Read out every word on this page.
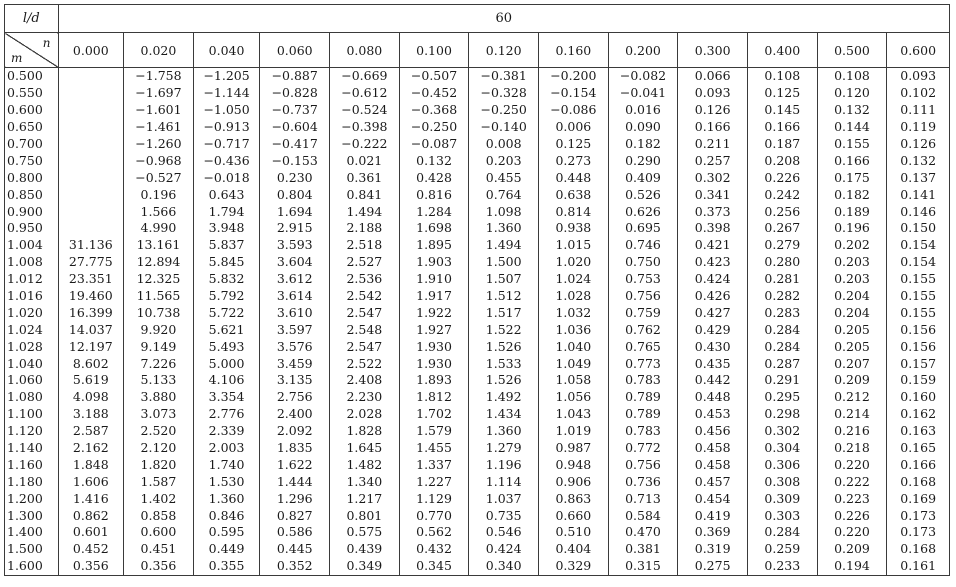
l/d	60												

n
m	0.000	0.020	0.040	0.060	0.080	0.100	0.120	0.160	0.200	0.300	0.400	0.500	0.600
0.500		−1.758	−1.205	−0.887	−0.669	−0.507	−0.381	−0.200	−0.082	0.066	0.108	0.108	0.093
0.550		−1.697	−1.144	−0.828	−0.612	−0.452	−0.328	−0.154	−0.041	0.093	0.125	0.120	0.102
0.600		−1.601	−1.050	−0.737	−0.524	−0.368	−0.250	−0.086	0.016	0.126	0.145	0.132	0.111
0.650		−1.461	−0.913	−0.604	−0.398	−0.250	−0.140	0.006	0.090	0.166	0.166	0.144	0.119
0.700		−1.260	−0.717	−0.417	−0.222	−0.087	0.008	0.125	0.182	0.211	0.187	0.155	0.126
0.750		−0.968	−0.436	−0.153	0.021	0.132	0.203	0.273	0.290	0.257	0.208	0.166	0.132
0.800		−0.527	−0.018	0.230	0.361	0.428	0.455	0.448	0.409	0.302	0.226	0.175	0.137
0.850		0.196	0.643	0.804	0.841	0.816	0.764	0.638	0.526	0.341	0.242	0.182	0.141
0.900		1.566	1.794	1.694	1.494	1.284	1.098	0.814	0.626	0.373	0.256	0.189	0.146
0.950		4.990	3.948	2.915	2.188	1.698	1.360	0.938	0.695	0.398	0.267	0.196	0.150
1.004	31.136	13.161	5.837	3.593	2.518	1.895	1.494	1.015	0.746	0.421	0.279	0.202	0.154
1.008	27.775	12.894	5.845	3.604	2.527	1.903	1.500	1.020	0.750	0.423	0.280	0.203	0.154
1.012	23.351	12.325	5.832	3.612	2.536	1.910	1.507	1.024	0.753	0.424	0.281	0.203	0.155
1.016	19.460	11.565	5.792	3.614	2.542	1.917	1.512	1.028	0.756	0.426	0.282	0.204	0.155
1.020	16.399	10.738	5.722	3.610	2.547	1.922	1.517	1.032	0.759	0.427	0.283	0.204	0.155
1.024	14.037	9.920	5.621	3.597	2.548	1.927	1.522	1.036	0.762	0.429	0.284	0.205	0.156
1.028	12.197	9.149	5.493	3.576	2.547	1.930	1.526	1.040	0.765	0.430	0.284	0.205	0.156
1.040	8.602	7.226	5.000	3.459	2.522	1.930	1.533	1.049	0.773	0.435	0.287	0.207	0.157
1.060	5.619	5.133	4.106	3.135	2.408	1.893	1.526	1.058	0.783	0.442	0.291	0.209	0.159
1.080	4.098	3.880	3.354	2.756	2.230	1.812	1.492	1.056	0.789	0.448	0.295	0.212	0.160
1.100	3.188	3.073	2.776	2.400	2.028	1.702	1.434	1.043	0.789	0.453	0.298	0.214	0.162
1.120	2.587	2.520	2.339	2.092	1.828	1.579	1.360	1.019	0.783	0.456	0.302	0.216	0.163
1.140	2.162	2.120	2.003	1.835	1.645	1.455	1.279	0.987	0.772	0.458	0.304	0.218	0.165
1.160	1.848	1.820	1.740	1.622	1.482	1.337	1.196	0.948	0.756	0.458	0.306	0.220	0.166
1.180	1.606	1.587	1.530	1.444	1.340	1.227	1.114	0.906	0.736	0.457	0.308	0.222	0.168
1.200	1.416	1.402	1.360	1.296	1.217	1.129	1.037	0.863	0.713	0.454	0.309	0.223	0.169
1.300	0.862	0.858	0.846	0.827	0.801	0.770	0.735	0.660	0.584	0.419	0.303	0.226	0.173
1.400	0.601	0.600	0.595	0.586	0.575	0.562	0.546	0.510	0.470	0.369	0.284	0.220	0.173
1.500	0.452	0.451	0.449	0.445	0.439	0.432	0.424	0.404	0.381	0.319	0.259	0.209	0.168
1.600	0.356	0.356	0.355	0.352	0.349	0.345	0.340	0.329	0.315	0.275	0.233	0.194	0.161
